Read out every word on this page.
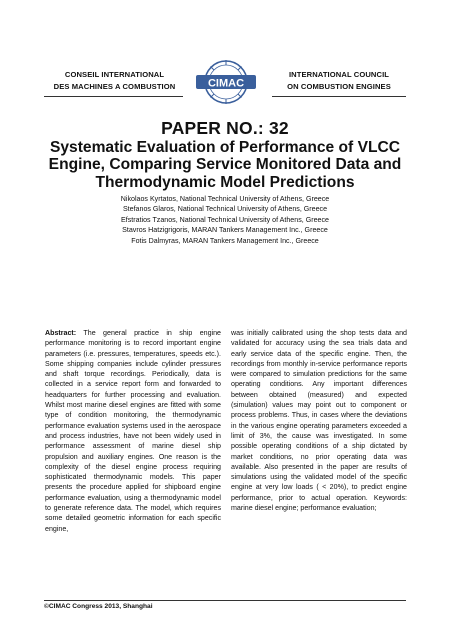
CONSEIL INTERNATIONAL
DES MACHINES A COMBUSTION	CIMAC
INTERNATIONAL COUNCIL
ON COMBUSTION ENGINES
PAPER NO.: 32
Systematic Evaluation of Performance of VLCC Engine, Comparing Service Monitored Data and Thermodynamic Model Predictions
Nikolaos Kyrtatos, National Technical University of Athens, Greece
Stefanos Glaros, National Technical University of Athens, Greece
Efstratios Tzanos, National Technical University of Athens, Greece
Stavros Hatzigrigoris, MARAN Tankers Management Inc., Greece
Fotis Dalmyras, MARAN Tankers Management Inc., Greece
Abstract: The general practice in ship engine performance monitoring is to record important engine parameters (i.e. pressures, temperatures, speeds etc.). Some shipping companies include cylinder pressures and shaft torque recordings. Periodically, data is collected in a service report form and forwarded to headquarters for further processing and evaluation. Whilst most marine diesel engines are fitted with some type of condition monitoring, the thermodynamic performance evaluation systems used in the aerospace and process industries, have not been widely used in performance assessment of marine diesel ship propulsion and auxiliary engines. One reason is the complexity of the diesel engine process requiring sophisticated thermodynamic models. This paper presents the procedure applied for shipboard engine performance evaluation, using a thermodynamic model to generate reference data. The model, which requires some detailed geometric information for each specific engine,
was initially calibrated using the shop tests data and validated for accuracy using the sea trials data and early service data of the specific engine. Then, the recordings from monthly in-service performance reports were compared to simulation predictions for the same operating conditions. Any important differences between obtained (measured) and expected (simulation) values may point out to component or process problems. Thus, in cases where the deviations in the various engine operating parameters exceeded a limit of 3%, the cause was investigated. In some possible operating conditions of a ship dictated by market conditions, no prior operating data was available. Also presented in the paper are results of simulations using the validated model of the specific engine at very low loads ( < 20%), to predict engine performance, prior to actual operation. Keywords: marine diesel engine; performance evaluation;
©CIMAC Congress 2013, Shanghai
